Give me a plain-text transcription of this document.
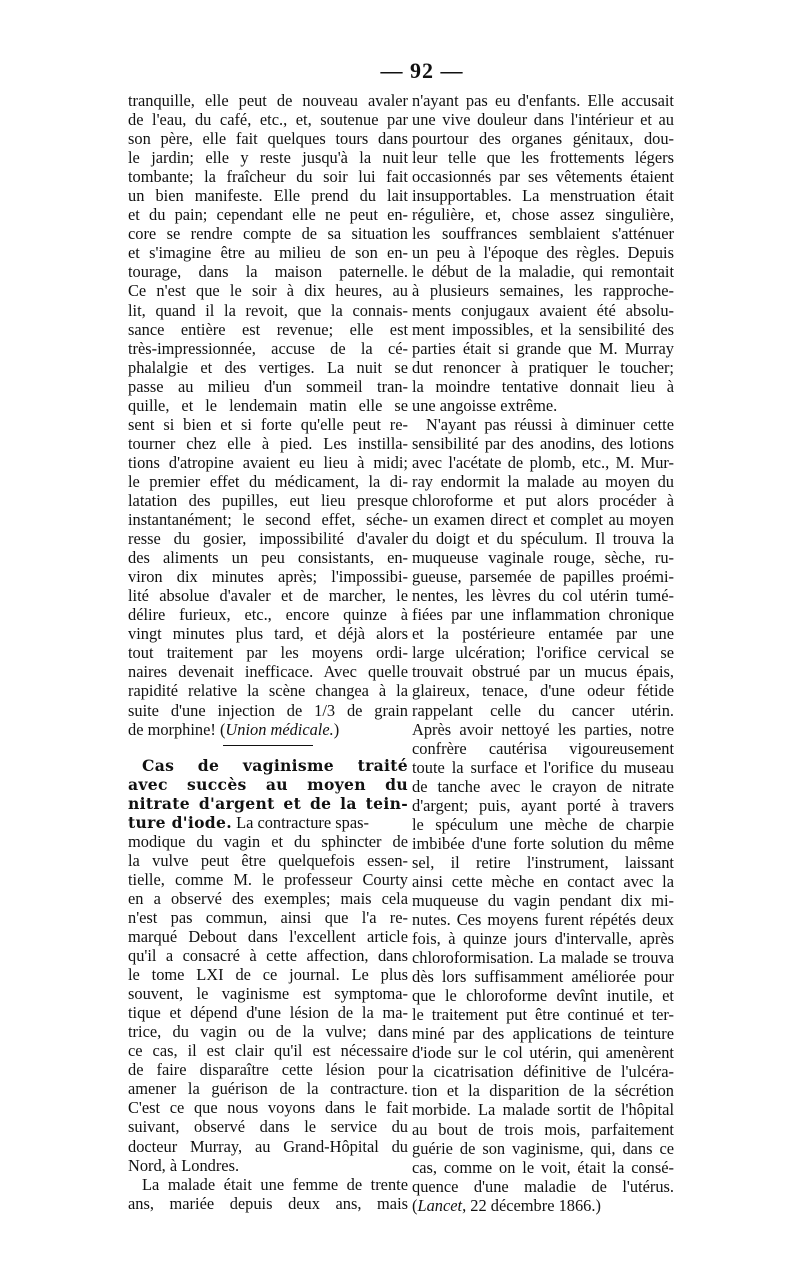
— 92 —

tranquille, elle peut de nouveau avaler
de l'eau, du café, etc., et, soutenue par
son père, elle fait quelques tours dans
le jardin; elle y reste jusqu'à la nuit
tombante; la fraîcheur du soir lui fait
un bien manifeste. Elle prend du lait
et du pain; cependant elle ne peut en-
core se rendre compte de sa situation
et s'imagine être au milieu de son en-
tourage, dans la maison paternelle.
Ce n'est que le soir à dix heures, au
lit, quand il la revoit, que la connais-
sance entière est revenue; elle est
très-impressionnée, accuse de la cé-
phalalgie et des vertiges. La nuit se
passe au milieu d'un sommeil tran-
quille, et le lendemain matin elle se
sent si bien et si forte qu'elle peut re-
tourner chez elle à pied. Les instilla-
tions d'atropine avaient eu lieu à midi;
le premier effet du médicament, la di-
latation des pupilles, eut lieu presque
instantanément; le second effet, séche-
resse du gosier, impossibilité d'avaler
des aliments un peu consistants, en-
viron dix minutes après; l'impossibi-
lité absolue d'avaler et de marcher, le
délire furieux, etc., encore quinze à
vingt minutes plus tard, et déjà alors
tout traitement par les moyens ordi-
naires devenait inefficace. Avec quelle
rapidité relative la scène changea à la
suite d'une injection de 1/3 de grain

de morphine! (Union médicale.)

Cas de vaginisme traité
avec succès au moyen du
nitrate d'argent et de la tein-
ture d'iode. La contracture spas-

modique du vagin et du sphincter de
la vulve peut être quelquefois essen-
tielle, comme M. le professeur Courty
en a observé des exemples; mais cela
n'est pas commun, ainsi que l'a re-
marqué Debout dans l'excellent article
qu'il a consacré à cette affection, dans
le tome LXI de ce journal. Le plus
souvent, le vaginisme est symptoma-
tique et dépend d'une lésion de la ma-
trice, du vagin ou de la vulve; dans
ce cas, il est clair qu'il est nécessaire
de faire disparaître cette lésion pour
amener la guérison de la contracture.
C'est ce que nous voyons dans le fait
suivant, observé dans le service du
docteur Murray, au Grand-Hôpital du

Nord, à Londres.

La malade était une femme de trente
ans, mariée depuis deux ans, mais

n'ayant pas eu d'enfants. Elle accusait
une vive douleur dans l'intérieur et au
pourtour des organes génitaux, dou-
leur telle que les frottements légers
occasionnés par ses vêtements étaient
insupportables. La menstruation était
régulière, et, chose assez singulière,
les souffrances semblaient s'atténuer
un peu à l'époque des règles. Depuis
le début de la maladie, qui remontait
à plusieurs semaines, les rapproche-
ments conjugaux avaient été absolu-
ment impossibles, et la sensibilité des
parties était si grande que M. Murray
dut renoncer à pratiquer le toucher;
la moindre tentative donnait lieu à

une angoisse extrême.

N'ayant pas réussi à diminuer cette
sensibilité par des anodins, des lotions
avec l'acétate de plomb, etc., M. Mur-
ray endormit la malade au moyen du
chloroforme et put alors procéder à
un examen direct et complet au moyen
du doigt et du spéculum. Il trouva la
muqueuse vaginale rouge, sèche, ru-
gueuse, parsemée de papilles proémi-
nentes, les lèvres du col utérin tumé-
fiées par une inflammation chronique
et la postérieure entamée par une
large ulcération; l'orifice cervical se
trouvait obstrué par un mucus épais,
glaireux, tenace, d'une odeur fétide
rappelant celle du cancer utérin.
Après avoir nettoyé les parties, notre
confrère cautérisa vigoureusement
toute la surface et l'orifice du museau
de tanche avec le crayon de nitrate
d'argent; puis, ayant porté à travers
le spéculum une mèche de charpie
imbibée d'une forte solution du même
sel, il retire l'instrument, laissant
ainsi cette mèche en contact avec la
muqueuse du vagin pendant dix mi-
nutes. Ces moyens furent répétés deux
fois, à quinze jours d'intervalle, après
chloroformisation. La malade se trouva
dès lors suffisamment améliorée pour
que le chloroforme devînt inutile, et
le traitement put être continué et ter-
miné par des applications de teinture
d'iode sur le col utérin, qui amenèrent
la cicatrisation définitive de l'ulcéra-
tion et la disparition de la sécrétion
morbide. La malade sortit de l'hôpital
au bout de trois mois, parfaitement
guérie de son vaginisme, qui, dans ce
cas, comme on le voit, était la consé-
quence d'une maladie de l'utérus.

(Lancet, 22 décembre 1866.)
